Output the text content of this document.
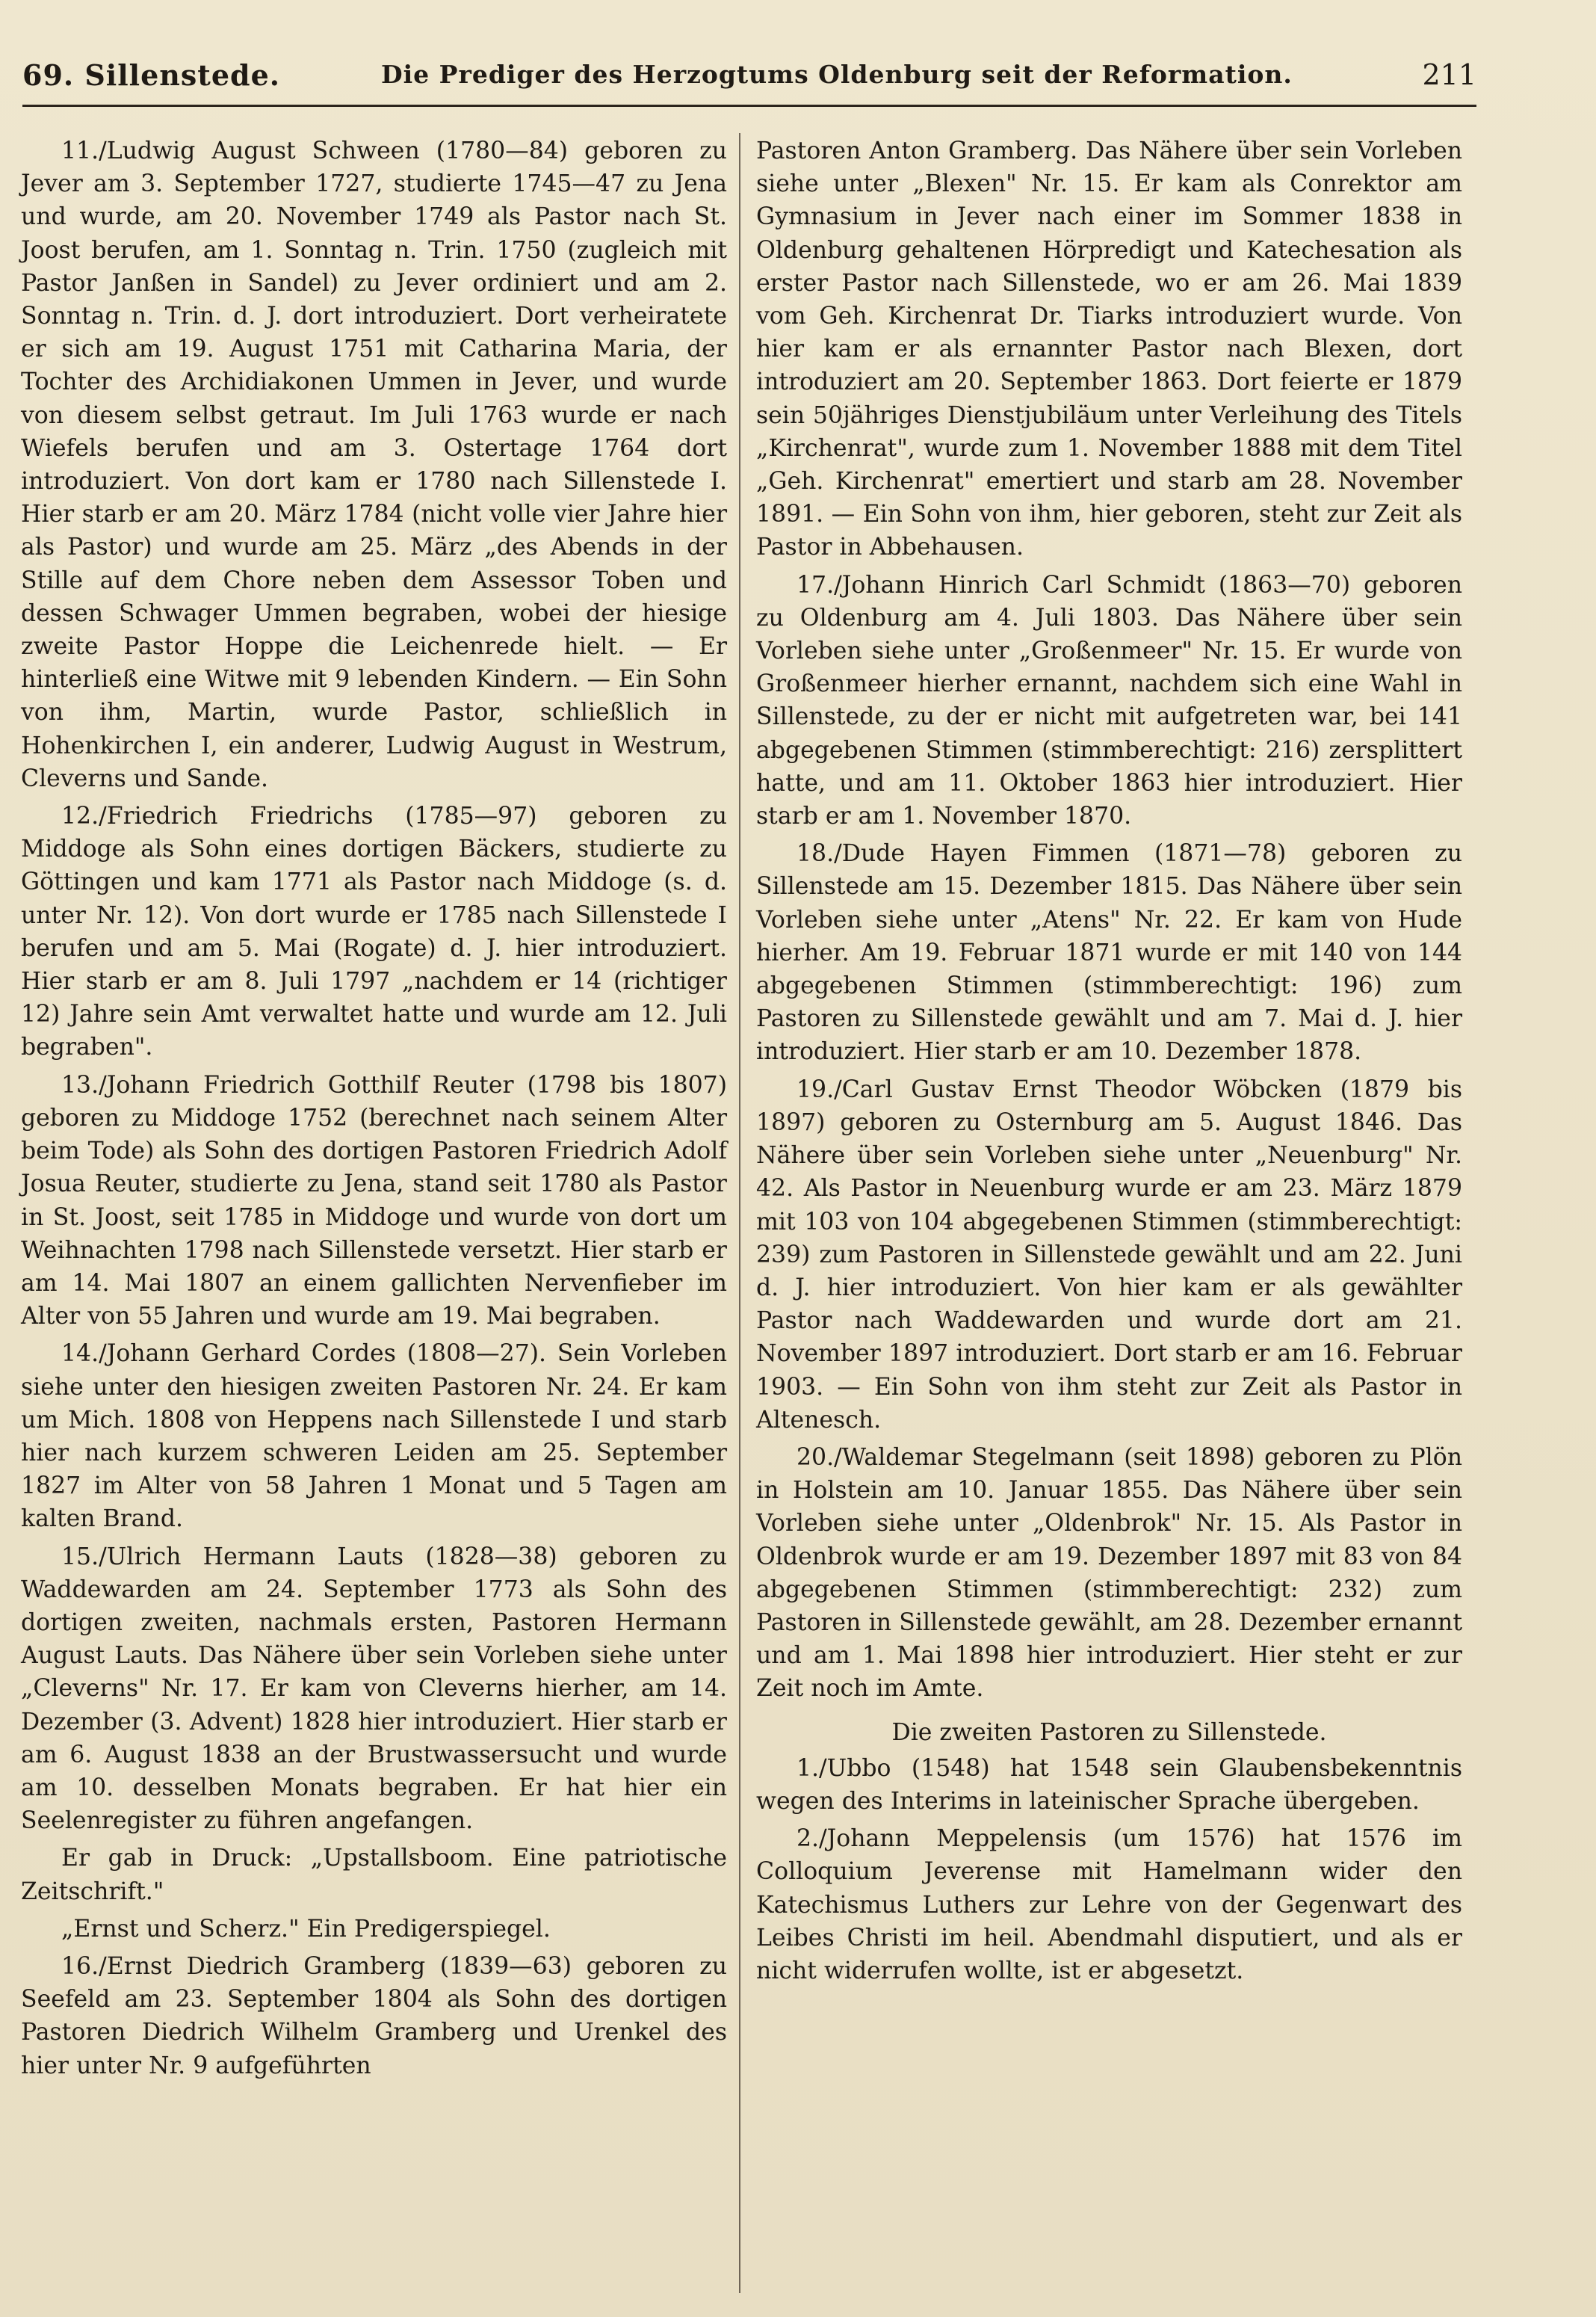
69. Sillenstede.	Die Prediger des Herzogtums Oldenburg seit der Reformation.	211

11./Ludwig August Schween (1780—84) geboren zu Jever am 3. September 1727, studierte 1745—47 zu Jena und wurde, am 20. November 1749 als Pastor nach St. Joost berufen, am 1. Sonntag n. Trin. 1750 (zugleich mit Pastor Janßen in Sandel) zu Jever ordiniert und am 2. Sonntag n. Trin. d. J. dort introduziert. Dort verheiratete er sich am 19. August 1751 mit Catharina Maria, der Tochter des Archidiakonen Ummen in Jever, und wurde von diesem selbst getraut. Im Juli 1763 wurde er nach Wiefels berufen und am 3. Ostertage 1764 dort introduziert. Von dort kam er 1780 nach Sillenstede I. Hier starb er am 20. März 1784 (nicht volle vier Jahre hier als Pastor) und wurde am 25. März „des Abends in der Stille auf dem Chore neben dem Assessor Toben und dessen Schwager Ummen begraben, wobei der hiesige zweite Pastor Hoppe die Leichenrede hielt. — Er hinterließ eine Witwe mit 9 lebenden Kindern. — Ein Sohn von ihm, Martin, wurde Pastor, schließlich in Hohenkirchen I, ein anderer, Ludwig August in Westrum, Cleverns und Sande.

12./Friedrich Friedrichs (1785—97) geboren zu Middoge als Sohn eines dortigen Bäckers, studierte zu Göttingen und kam 1771 als Pastor nach Middoge (s. d. unter Nr. 12). Von dort wurde er 1785 nach Sillenstede I berufen und am 5. Mai (Rogate) d. J. hier introduziert. Hier starb er am 8. Juli 1797 „nachdem er 14 (richtiger 12) Jahre sein Amt verwaltet hatte und wurde am 12. Juli begraben".

13./Johann Friedrich Gotthilf Reuter (1798 bis 1807) geboren zu Middoge 1752 (berechnet nach seinem Alter beim Tode) als Sohn des dortigen Pastoren Friedrich Adolf Josua Reuter, studierte zu Jena, stand seit 1780 als Pastor in St. Joost, seit 1785 in Middoge und wurde von dort um Weihnachten 1798 nach Sillenstede versetzt. Hier starb er am 14. Mai 1807 an einem gallichten Nervenfieber im Alter von 55 Jahren und wurde am 19. Mai begraben.

14./Johann Gerhard Cordes (1808—27). Sein Vorleben siehe unter den hiesigen zweiten Pastoren Nr. 24. Er kam um Mich. 1808 von Heppens nach Sillenstede I und starb hier nach kurzem schweren Leiden am 25. September 1827 im Alter von 58 Jahren 1 Monat und 5 Tagen am kalten Brand.

15./Ulrich Hermann Lauts (1828—38) geboren zu Waddewarden am 24. September 1773 als Sohn des dortigen zweiten, nachmals ersten, Pastoren Hermann August Lauts. Das Nähere über sein Vorleben siehe unter „Cleverns" Nr. 17. Er kam von Cleverns hierher, am 14. Dezember (3. Advent) 1828 hier introduziert. Hier starb er am 6. August 1838 an der Brustwassersucht und wurde am 10. desselben Monats begraben. Er hat hier ein Seelenregister zu führen angefangen.

Er gab in Druck: „Upstallsboom. Eine patriotische Zeitschrift."

„Ernst und Scherz." Ein Predigerspiegel.

16./Ernst Diedrich Gramberg (1839—63) geboren zu Seefeld am 23. September 1804 als Sohn des dortigen Pastoren Diedrich Wilhelm Gramberg und Urenkel des hier unter Nr. 9 aufgeführten

Pastoren Anton Gramberg. Das Nähere über sein Vorleben siehe unter „Blexen" Nr. 15. Er kam als Conrektor am Gymnasium in Jever nach einer im Sommer 1838 in Oldenburg gehaltenen Hörpredigt und Katechesation als erster Pastor nach Sillenstede, wo er am 26. Mai 1839 vom Geh. Kirchenrat Dr. Tiarks introduziert wurde. Von hier kam er als ernannter Pastor nach Blexen, dort introduziert am 20. September 1863. Dort feierte er 1879 sein 50jähriges Dienstjubiläum unter Verleihung des Titels „Kirchenrat", wurde zum 1. November 1888 mit dem Titel „Geh. Kirchenrat" emertiert und starb am 28. November 1891. — Ein Sohn von ihm, hier geboren, steht zur Zeit als Pastor in Abbehausen.

17./Johann Hinrich Carl Schmidt (1863—70) geboren zu Oldenburg am 4. Juli 1803. Das Nähere über sein Vorleben siehe unter „Großenmeer" Nr. 15. Er wurde von Großenmeer hierher ernannt, nachdem sich eine Wahl in Sillenstede, zu der er nicht mit aufgetreten war, bei 141 abgegebenen Stimmen (stimmberechtigt: 216) zersplittert hatte, und am 11. Oktober 1863 hier introduziert. Hier starb er am 1. November 1870.

18./Dude Hayen Fimmen (1871—78) geboren zu Sillenstede am 15. Dezember 1815. Das Nähere über sein Vorleben siehe unter „Atens" Nr. 22. Er kam von Hude hierher. Am 19. Februar 1871 wurde er mit 140 von 144 abgegebenen Stimmen (stimmberechtigt: 196) zum Pastoren zu Sillenstede gewählt und am 7. Mai d. J. hier introduziert. Hier starb er am 10. Dezember 1878.

19./Carl Gustav Ernst Theodor Wöbcken (1879 bis 1897) geboren zu Osternburg am 5. August 1846. Das Nähere über sein Vorleben siehe unter „Neuenburg" Nr. 42. Als Pastor in Neuenburg wurde er am 23. März 1879 mit 103 von 104 abgegebenen Stimmen (stimmberechtigt: 239) zum Pastoren in Sillenstede gewählt und am 22. Juni d. J. hier introduziert. Von hier kam er als gewählter Pastor nach Waddewarden und wurde dort am 21. November 1897 introduziert. Dort starb er am 16. Februar 1903. — Ein Sohn von ihm steht zur Zeit als Pastor in Altenesch.

20./Waldemar Stegelmann (seit 1898) geboren zu Plön in Holstein am 10. Januar 1855. Das Nähere über sein Vorleben siehe unter „Oldenbrok" Nr. 15. Als Pastor in Oldenbrok wurde er am 19. Dezember 1897 mit 83 von 84 abgegebenen Stimmen (stimmberechtigt: 232) zum Pastoren in Sillenstede gewählt, am 28. Dezember ernannt und am 1. Mai 1898 hier introduziert. Hier steht er zur Zeit noch im Amte.

Die zweiten Pastoren zu Sillenstede.

1./Ubbo (1548) hat 1548 sein Glaubensbekenntnis wegen des Interims in lateinischer Sprache übergeben.

2./Johann Meppelensis (um 1576) hat 1576 im Colloquium Jeverense mit Hamelmann wider den Katechismus Luthers zur Lehre von der Gegenwart des Leibes Christi im heil. Abendmahl disputiert, und als er nicht widerrufen wollte, ist er abgesetzt.
